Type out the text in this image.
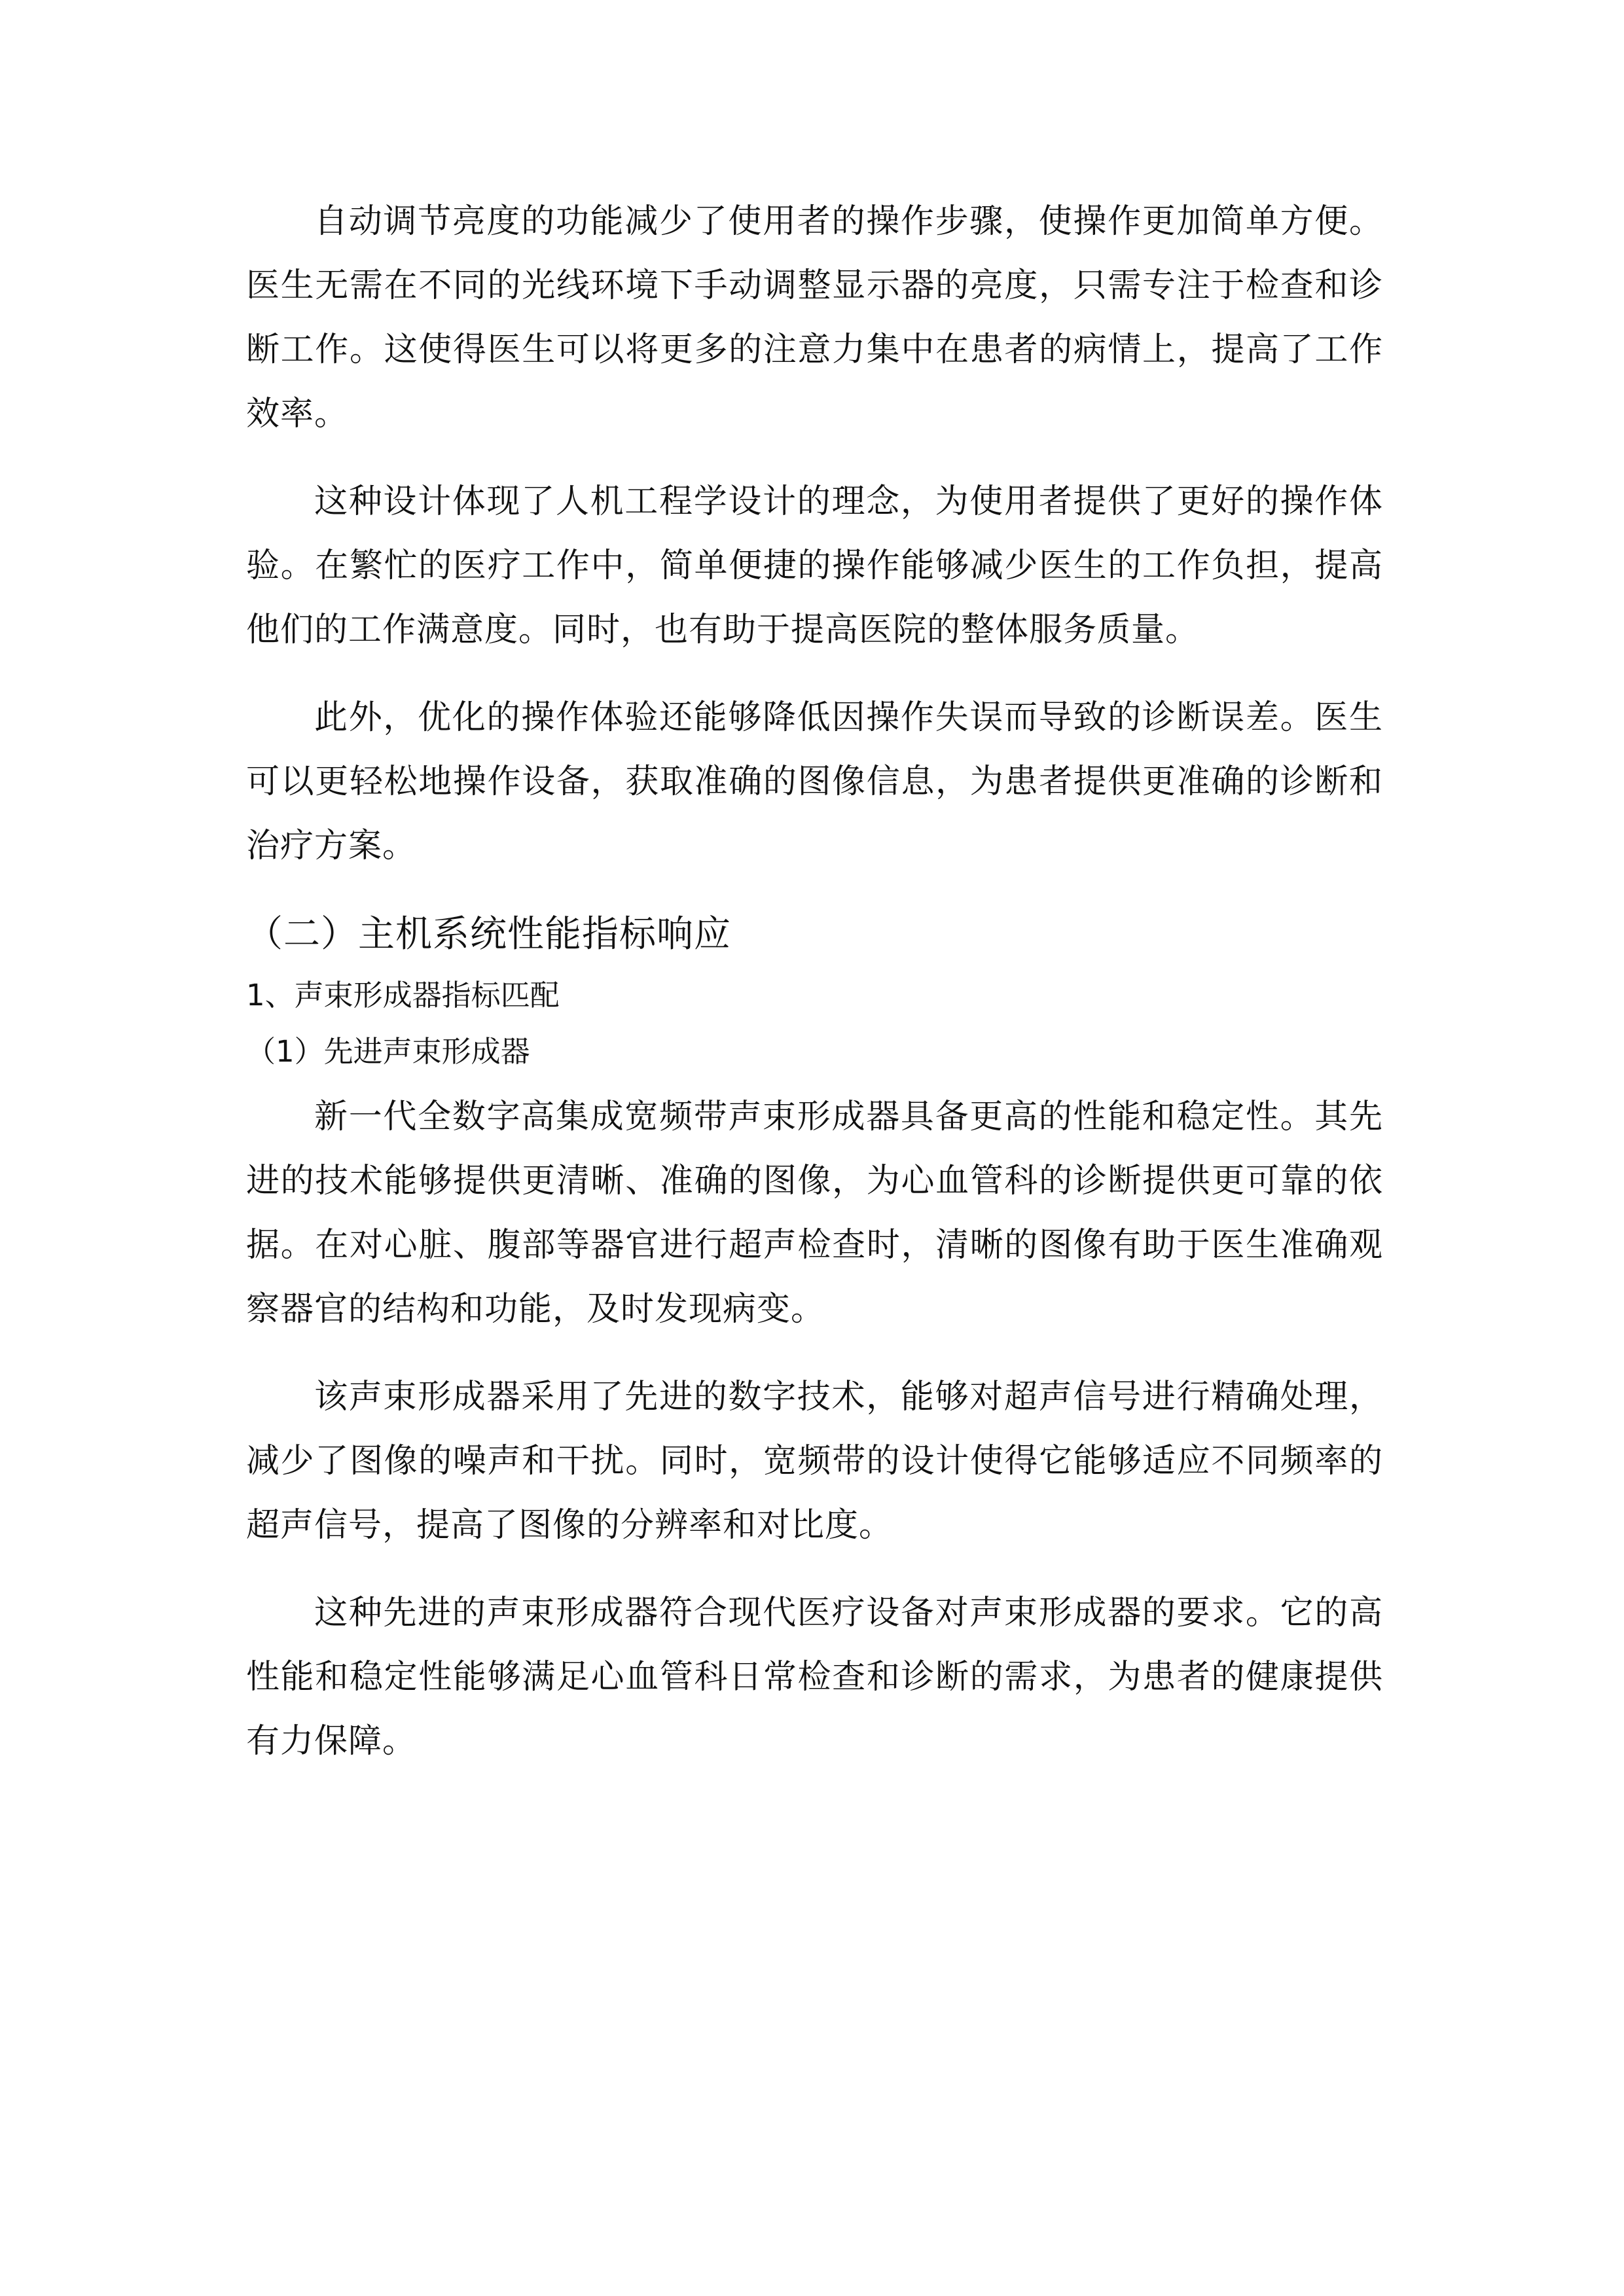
自动调节亮度的功能减少了使用者的操作步骤，使操作更加简单方便。医生无需在不同的光线环境下手动调整显示器的亮度，只需专注于检查和诊断工作。这使得医生可以将更多的注意力集中在患者的病情上，提高了工作效率。

这种设计体现了人机工程学设计的理念，为使用者提供了更好的操作体验。在繁忙的医疗工作中，简单便捷的操作能够减少医生的工作负担，提高他们的工作满意度。同时，也有助于提高医院的整体服务质量。

此外，优化的操作体验还能够降低因操作失误而导致的诊断误差。医生可以更轻松地操作设备，获取准确的图像信息，为患者提供更准确的诊断和治疗方案。

（二）主机系统性能指标响应
1、声束形成器指标匹配
（1）先进声束形成器

新一代全数字高集成宽频带声束形成器具备更高的性能和稳定性。其先进的技术能够提供更清晰、准确的图像，为心血管科的诊断提供更可靠的依据。在对心脏、腹部等器官进行超声检查时，清晰的图像有助于医生准确观察器官的结构和功能，及时发现病变。

该声束形成器采用了先进的数字技术，能够对超声信号进行精确处理，减少了图像的噪声和干扰。同时，宽频带的设计使得它能够适应不同频率的超声信号，提高了图像的分辨率和对比度。

这种先进的声束形成器符合现代医疗设备对声束形成器的要求。它的高性能和稳定性能够满足心血管科日常检查和诊断的需求，为患者的健康提供有力保障。
